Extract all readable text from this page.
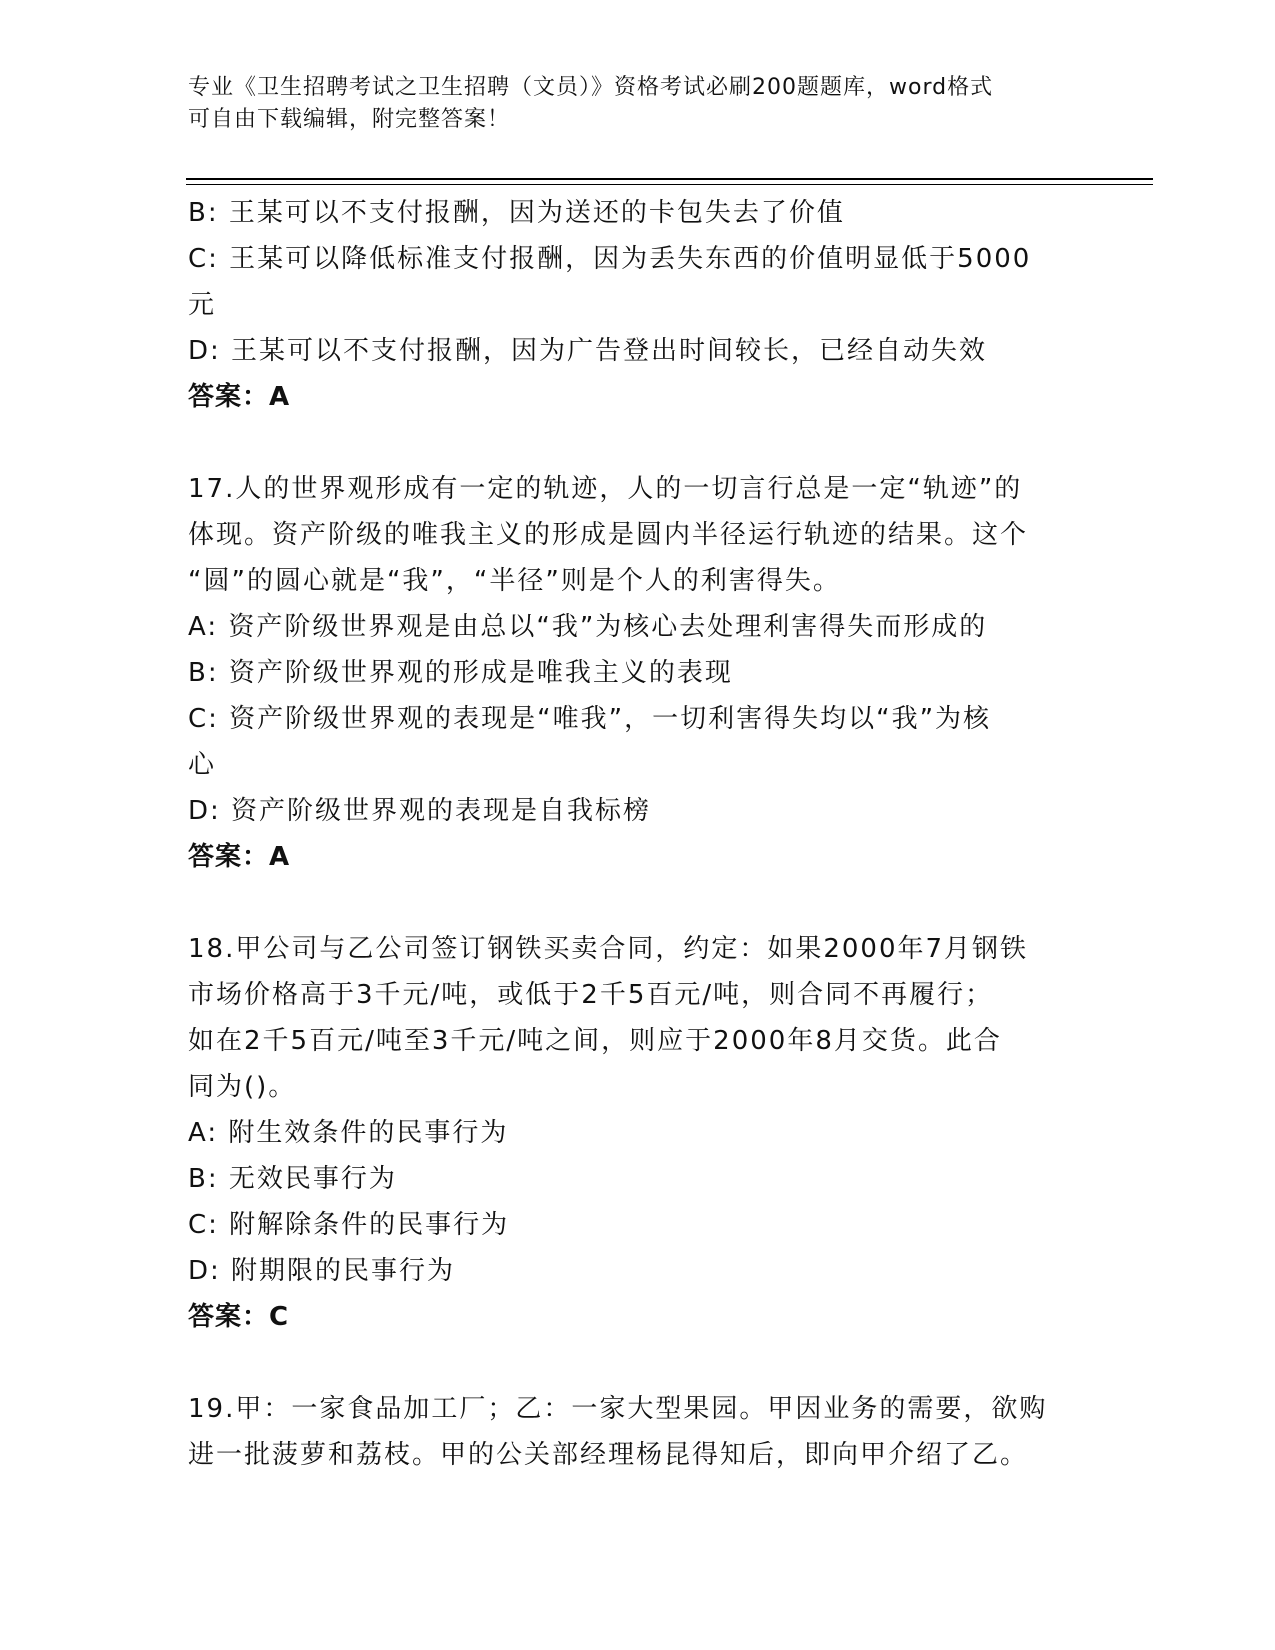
专业《卫生招聘考试之卫生招聘（文员）》资格考试必刷200题题库，word格式
可自由下载编辑，附完整答案！
B: 王某可以不支付报酬，因为送还的卡包失去了价值
C: 王某可以降低标准支付报酬，因为丢失东西的价值明显低于5000
元
D: 王某可以不支付报酬，因为广告登出时间较长，已经自动失效
答案：A
17.人的世界观形成有一定的轨迹，人的一切言行总是一定“轨迹”的
体现。资产阶级的唯我主义的形成是圆内半径运行轨迹的结果。这个
“圆”的圆心就是“我”，“半径”则是个人的利害得失。
A: 资产阶级世界观是由总以“我”为核心去处理利害得失而形成的
B: 资产阶级世界观的形成是唯我主义的表现
C: 资产阶级世界观的表现是“唯我”，一切利害得失均以“我”为核
心
D: 资产阶级世界观的表现是自我标榜
答案：A
18.甲公司与乙公司签订钢铁买卖合同，约定：如果2000年7月钢铁
市场价格高于3千元/吨，或低于2千5百元/吨，则合同不再履行；
如在2千5百元/吨至3千元/吨之间，则应于2000年8月交货。此合
同为()。
A: 附生效条件的民事行为
B: 无效民事行为
C: 附解除条件的民事行为
D: 附期限的民事行为
答案：C
19.甲：一家食品加工厂；乙：一家大型果园。甲因业务的需要，欲购
进一批菠萝和荔枝。甲的公关部经理杨昆得知后，即向甲介绍了乙。
